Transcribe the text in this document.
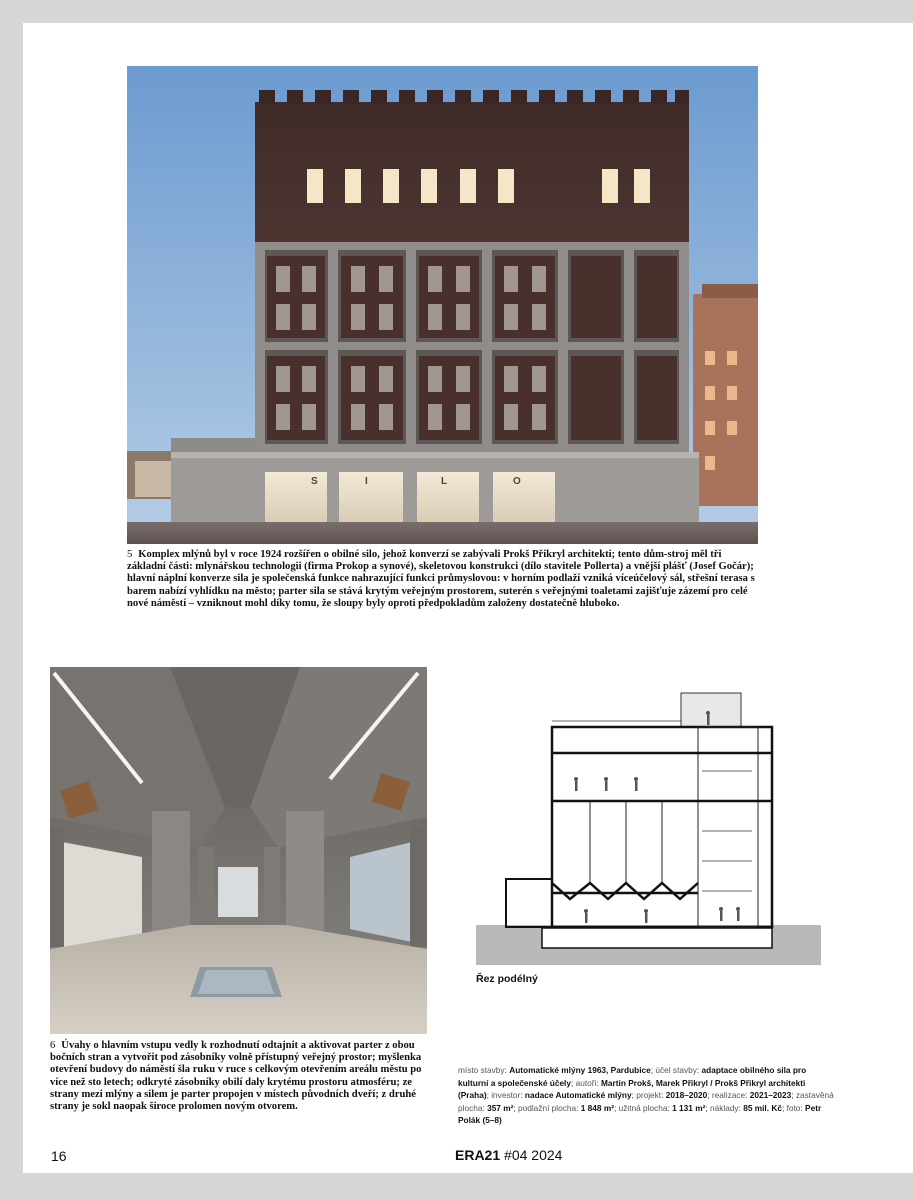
S	I	L	O
5 Komplex mlýnů byl v roce 1924 rozšířen o obilné silo, jehož konverzí se zabývali Prokš Přikryl architekti; tento dům-stroj měl tři základní části: mlynářskou technologii (firma Prokop a synové), skeletovou konstrukci (dílo stavitele Pollerta) a vnější plášť (Josef Gočár); hlavní náplní konverze sila je společenská funkce nahrazující funkci průmyslovou: v horním podlaží vzniká víceúčelový sál, střešní terasa s barem nabízí vyhlídku na město; parter sila se stává krytým veřejným prostorem, suterén s veřejnými toaletami zajišťuje zázemí pro celé nové náměstí – vzniknout mohl díky tomu, že sloupy byly oproti předpokladům založeny dostatečně hluboko.
6 Úvahy o hlavním vstupu vedly k rozhodnutí odtajnit a aktivovat parter z obou bočních stran a vytvořit pod zásobníky volně přístupný veřejný prostor; myšlenka otevření budovy do náměstí šla ruku v ruce s celkovým otevřením areálu městu po více než sto letech; odkryté zásobníky obilí daly krytému prostoru atmosféru; ze strany mezi mlýny a silem je parter propojen v místech původních dveří; z druhé strany je sokl naopak široce prolomen novým otvorem.
Řez podélný
místo stavby: Automatické mlýny 1963, Pardubice; účel stavby: adaptace obilného sila pro kulturní a společenské účely; autoři: Martin Prokš, Marek Přikryl / Prokš Přikryl architekti (Praha); investor: nadace Automatické mlýny; projekt: 2018–2020; realizace: 2021–2023; zastavěná plocha: 357 m²; podlažní plocha: 1 848 m²; užitná plocha: 1 131 m²; náklady: 85 mil. Kč; foto: Petr Polák (5–8)
16	ERA21 #04 2024
